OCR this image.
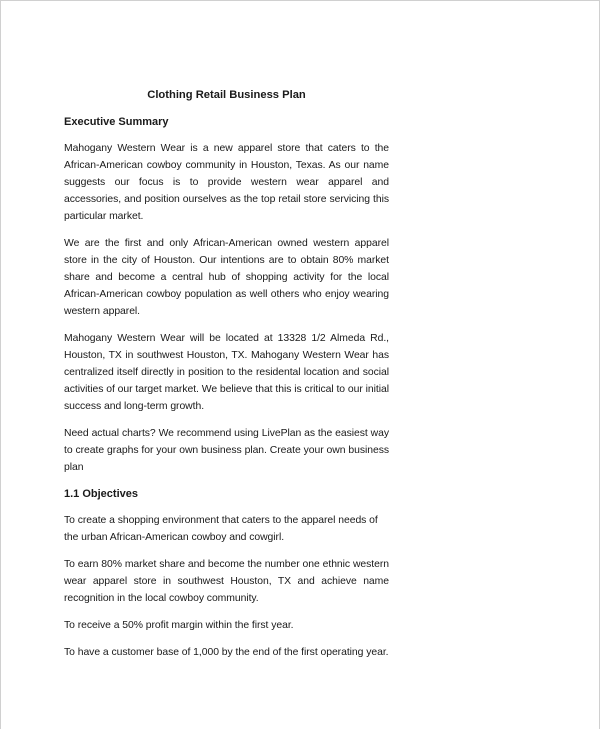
Clothing Retail Business Plan
Executive Summary

Mahogany Western Wear is a new apparel store that caters to the African-American cowboy community in Houston, Texas. As our name suggests our focus is to provide western wear apparel and accessories, and position ourselves as the top retail store servicing this particular market.

We are the first and only African-American owned western apparel store in the city of Houston. Our intentions are to obtain 80% market share and become a central hub of shopping activity for the local African-American cowboy population as well others who enjoy wearing western apparel.

Mahogany Western Wear will be located at 13328 1/2 Almeda Rd., Houston, TX in southwest Houston, TX. Mahogany Western Wear has centralized itself directly in position to the residental location and social activities of our target market. We believe that this is critical to our initial success and long-term growth.

Need actual charts? We recommend using LivePlan as the easiest way to create graphs for your own business plan. Create your own business plan

1.1 Objectives

To create a shopping environment that caters to the apparel needs of the urban African-American cowboy and cowgirl.

To earn 80% market share and become the number one ethnic western wear apparel store in southwest Houston, TX and achieve name recognition in the local cowboy community.

To receive a 50% profit margin within the first year.

To have a customer base of 1,000 by the end of the first operating year.
